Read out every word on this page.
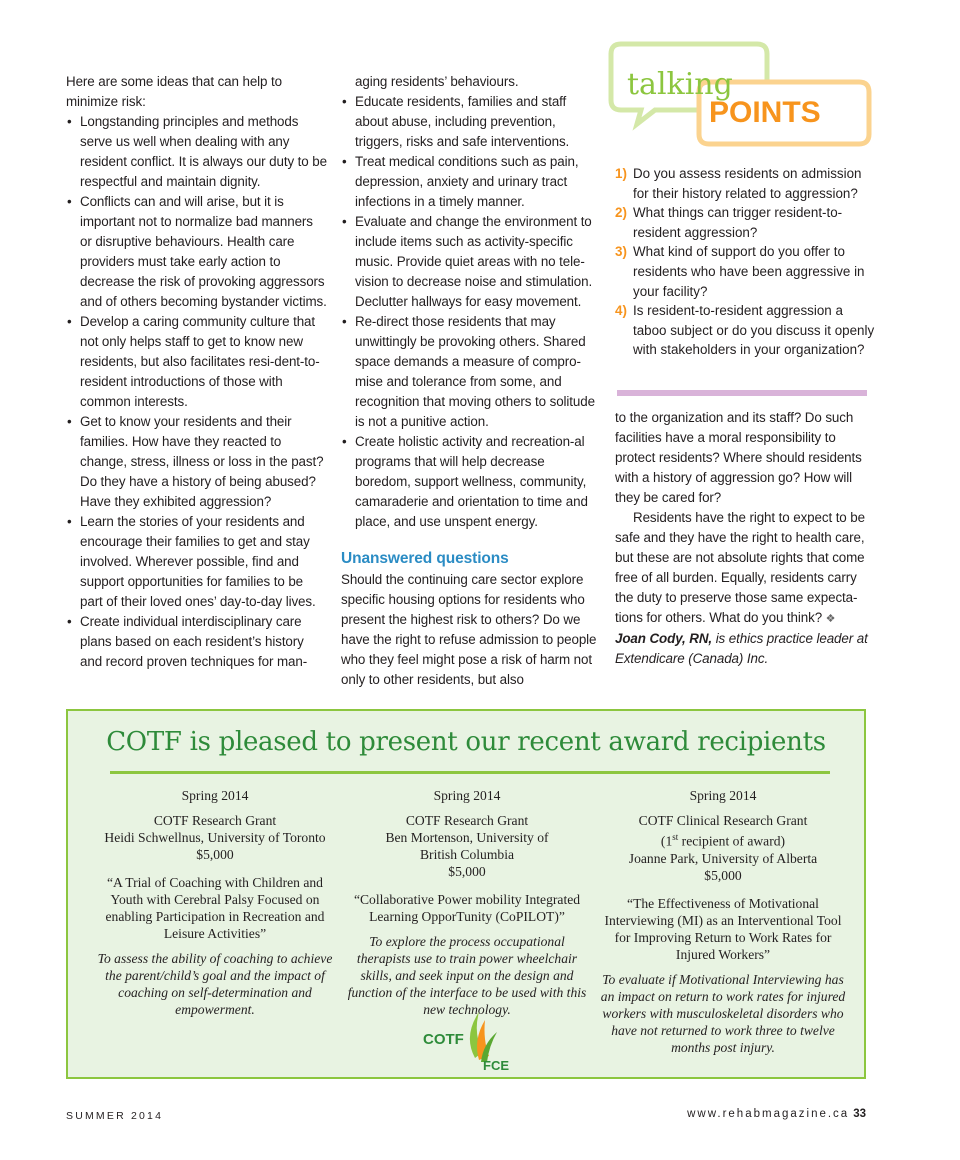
Here are some ideas that can help to minimize risk:

• Longstanding principles and methods serve us well when dealing with any resident conflict. It is always our duty to be respectful and maintain dignity.
• Conflicts can and will arise, but it is important not to normalize bad manners or disruptive behaviours. Health care providers must take early action to decrease the risk of provoking aggressors and of others becoming bystander victims.
• Develop a caring community culture that not only helps staff to get to know new residents, but also facilitates resi-dent-to-resident introductions of those with common interests.
• Get to know your residents and their families. How have they reacted to change, stress, illness or loss in the past? Do they have a history of being abused? Have they exhibited aggression?
• Learn the stories of your residents and encourage their families to get and stay involved. Wherever possible, find and support opportunities for families to be part of their loved ones’ day-to-day lives.
• Create individual interdisciplinary care plans based on each resident’s history and record proven techniques for man-

aging residents’ behaviours.

• Educate residents, families and staff about abuse, including prevention, triggers, risks and safe interventions.
• Treat medical conditions such as pain, depression, anxiety and urinary tract infections in a timely manner.
• Evaluate and change the environment to include items such as activity-specific music. Provide quiet areas with no tele-vision to decrease noise and stimulation. Declutter hallways for easy movement.
• Re-direct those residents that may unwittingly be provoking others. Shared space demands a measure of compro-mise and tolerance from some, and recognition that moving others to solitude is not a punitive action.
• Create holistic activity and recreation-al programs that will help decrease boredom, support wellness, community, camaraderie and orientation to time and place, and use unspent energy.
Unanswered questions

Should the continuing care sector explore specific housing options for residents who present the highest risk to others? Do we have the right to refuse admission to people who they feel might pose a risk of harm not only to other residents, but also

talking
POINTS
1) Do you assess residents on admission for their history related to aggression?
2) What things can trigger resident-to-resident aggression?
3) What kind of support do you offer to residents who have been aggressive in your facility?
4) Is resident-to-resident aggression a taboo subject or do you discuss it openly with stakeholders in your organization?

to the organization and its staff? Do such facilities have a moral responsibility to protect residents? Where should residents with a history of aggression go? How will they be cared for?

Residents have the right to expect to be safe and they have the right to health care, but these are not absolute rights that come free of all burden. Equally, residents carry the duty to preserve those same expecta-tions for others. What do you think? ❖

Joan Cody, RN, is ethics practice leader at Extendicare (Canada) Inc.

COTF is pleased to present our recent award recipients

Spring 2014

COTF Research Grant

Heidi Schwellnus, University of Toronto

$5,000

“A Trial of Coaching with Children and Youth with Cerebral Palsy Focused on enabling Participation in Recreation and Leisure Activities”

To assess the ability of coaching to achieve the parent/child’s goal and the impact of coaching on self-determination and empowerment.

Spring 2014

COTF Research Grant

Ben Mortenson, University of British Columbia

$5,000

“Collaborative Power mobility Integrated Learning OpporTunity (CoPILOT)”

To explore the process occupational therapists use to train power wheelchair skills, and seek input on the design and function of the interface to be used with this new technology.

Spring 2014

COTF Clinical Research Grant

(1st recipient of award)

Joanne Park, University of Alberta

$5,000

“The Effectiveness of Motivational Interviewing (MI) as an Interventional Tool for Improving Return to Work Rates for Injured Workers”

To evaluate if Motivational Interviewing has an impact on return to work rates for injured workers with musculoskeletal disorders who have not returned to work three to twelve months post injury.

COTF
FCE
SUMMER 2014	www.rehabmagazine.ca 33
